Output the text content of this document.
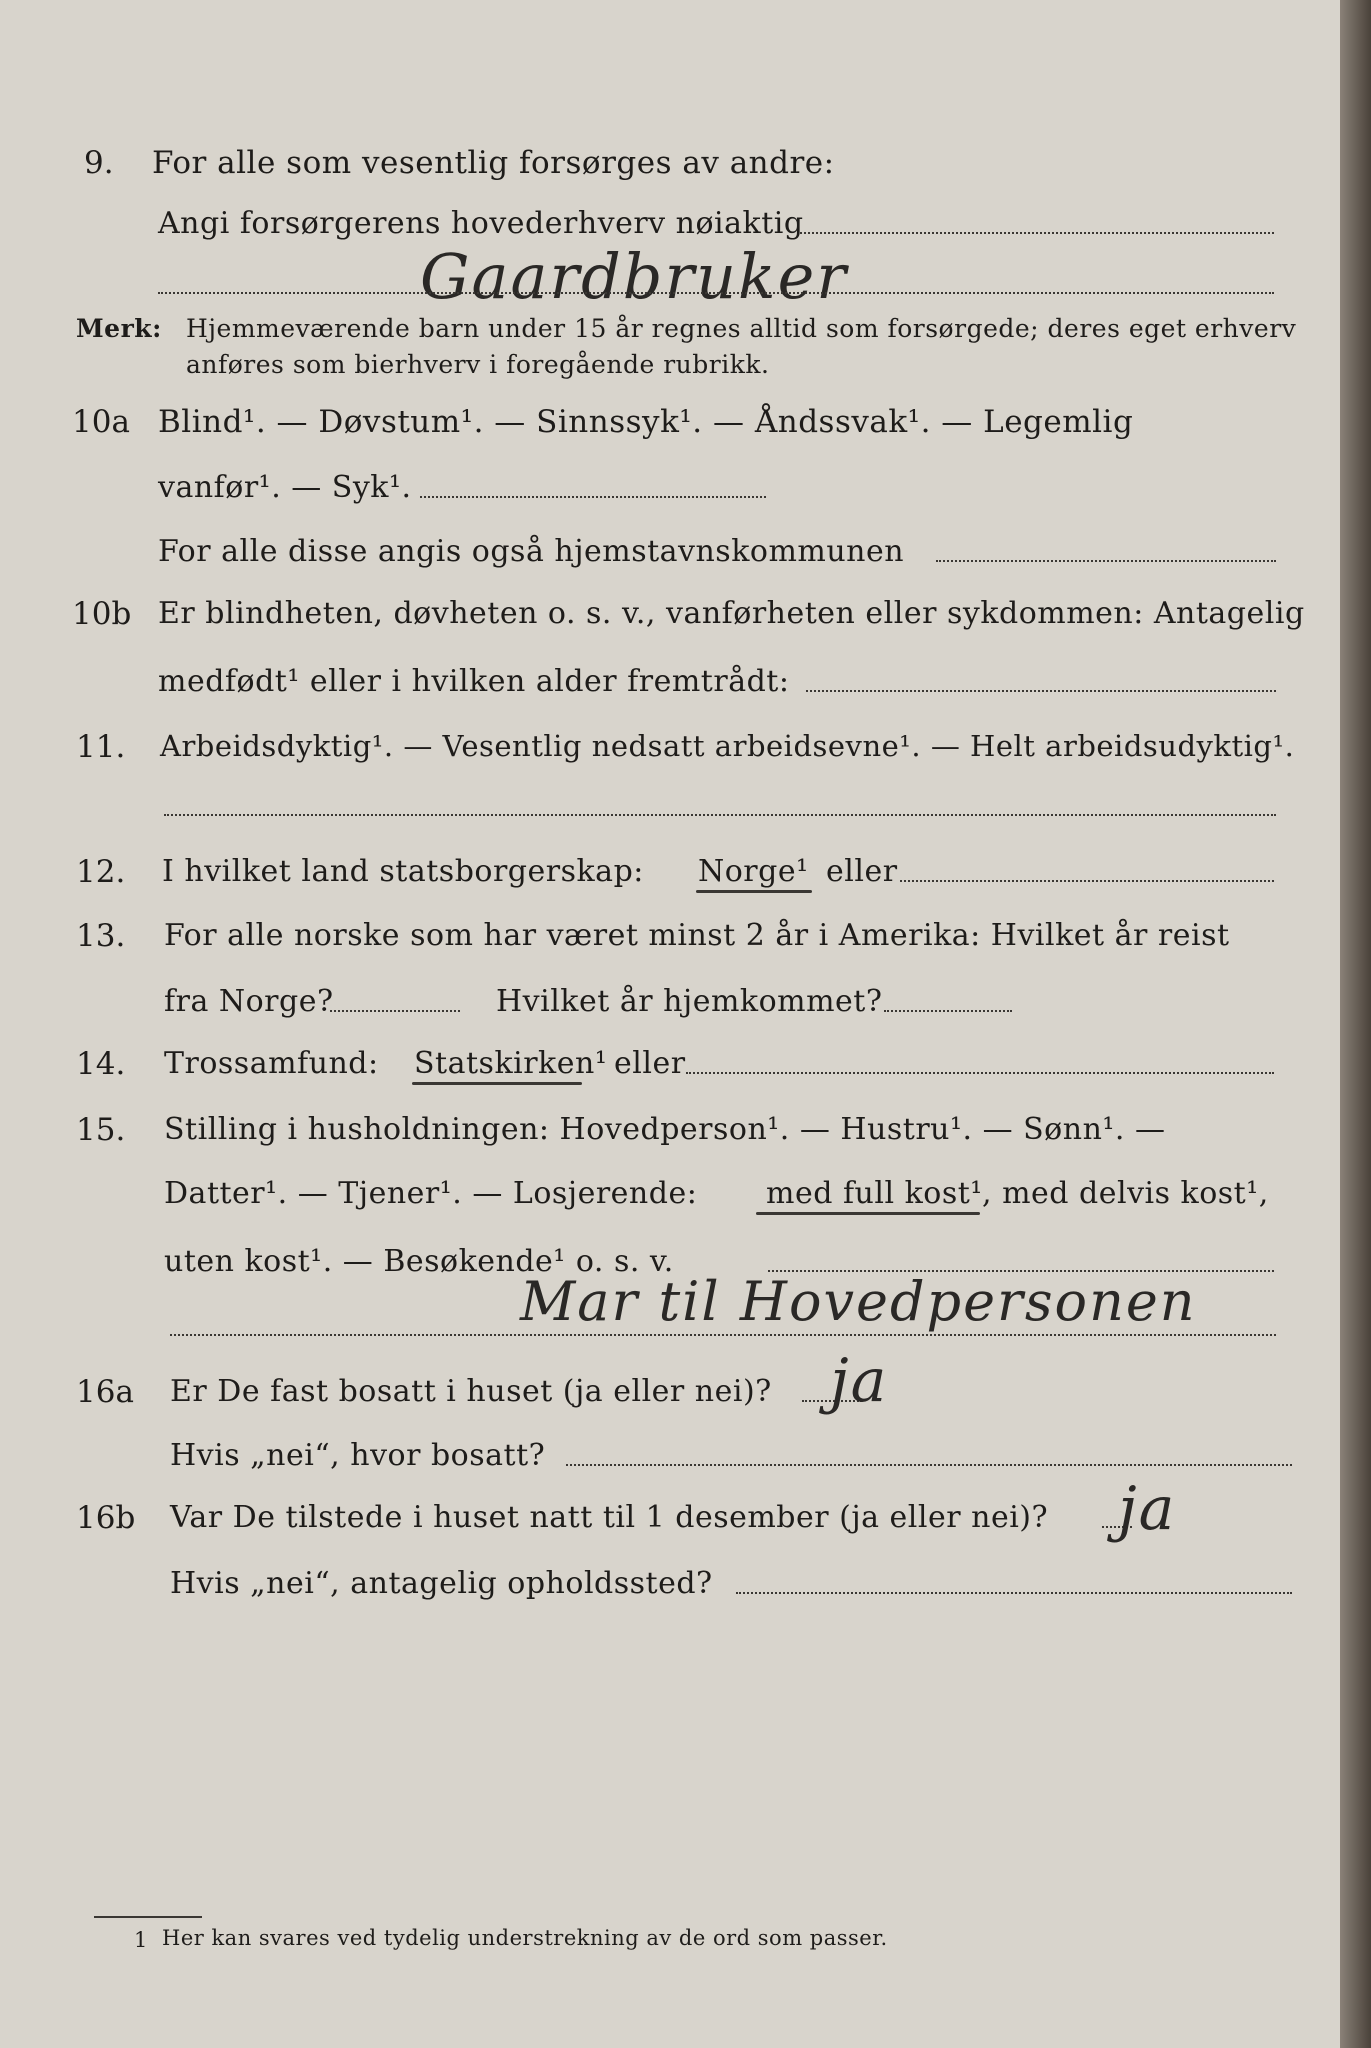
9. For alle som vesentlig forsørges av andre:
Angi forsørgerens hovederhverv nøiaktig
Gaardbruker
Merk: Hjemmeværende barn under 15 år regnes alltid som forsørgede; deres eget erhverv
anføres som bierhverv i foregående rubrikk.
10a Blind¹. — Døvstum¹. — Sinnssyk¹. — Åndssvak¹. — Legemlig
vanfør¹. — Syk¹.
For alle disse angis også hjemstavnskommunen
10b Er blindheten, døvheten o. s. v., vanførheten eller sykdommen: Antagelig
medfødt¹ eller i hvilken alder fremtrådt:
11. Arbeidsdyktig¹. — Vesentlig nedsatt arbeidsevne¹. — Helt arbeidsudyktig¹.
12. I hvilket land statsborgerskap: Norge¹ eller
13. For alle norske som har været minst 2 år i Amerika: Hvilket år reist
fra Norge?	Hvilket år hjemkommet?
14. Trossamfund: Statskirken¹ eller
15. Stilling i husholdningen: Hovedperson¹. — Hustru¹. — Sønn¹. —
Datter¹. — Tjener¹. — Losjerende: med full kost¹ , med delvis kost¹,
uten kost¹. — Besøkende¹ o. s. v.
Mar til Hovedpersonen
16a Er De fast bosatt i huset (ja eller nei)? ja
Hvis „nei“, hvor bosatt?
16b Var De tilstede i huset natt til 1 desember (ja eller nei)? ja
Hvis „nei“, antagelig opholdssted?
1 Her kan svares ved tydelig understrekning av de ord som passer.
